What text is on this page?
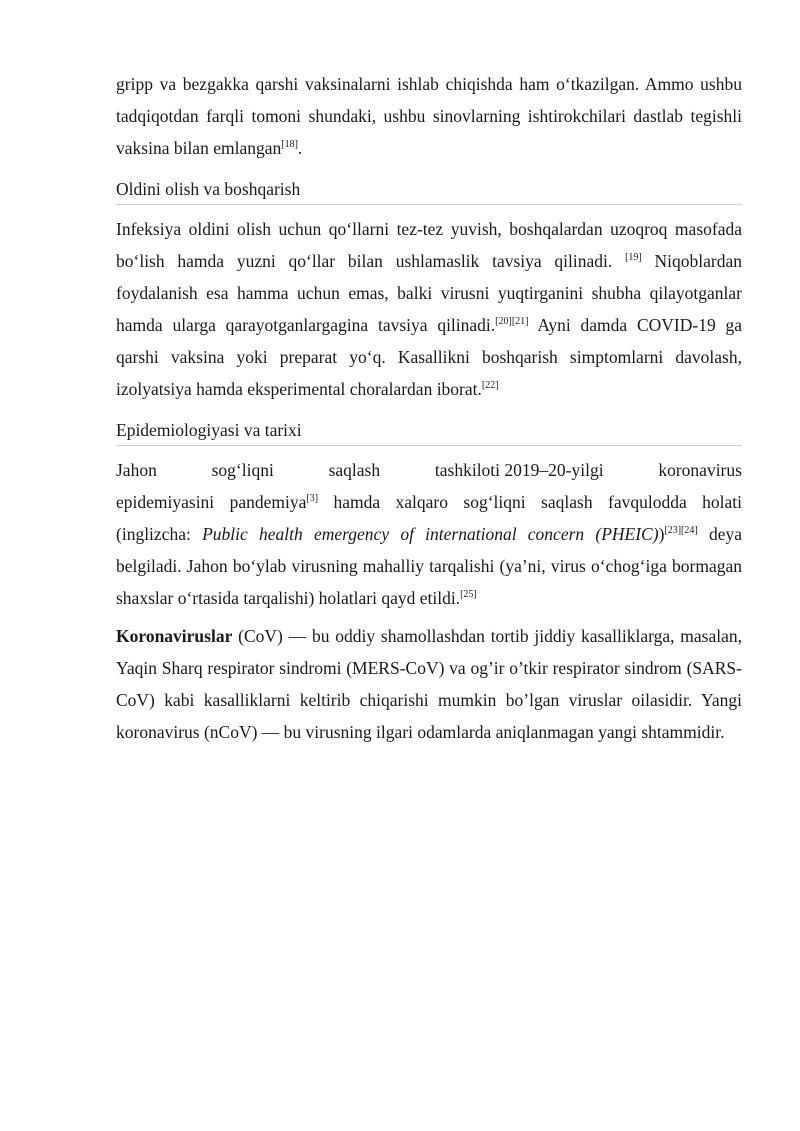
gripp va bezgakka qarshi vaksinalarni ishlab chiqishda ham o‘tkazilgan. Ammo ushbu tadqiqotdan farqli tomoni shundaki, ushbu sinovlarning ishtirokchilari dastlab tegishli vaksina bilan emlangan[18].

Oldini olish va boshqarish

Infeksiya oldini olish uchun qo‘llarni tez-tez yuvish, boshqalardan uzoqroq masofada bo‘lish hamda yuzni qo‘llar bilan ushlamaslik tavsiya qilinadi. [19] Niqoblardan foydalanish esa hamma uchun emas, balki virusni yuqtirganini shubha qilayotganlar hamda ularga qarayotganlargagina tavsiya qilinadi.[20][21] Ayni damda COVID-19 ga qarshi vaksina yoki preparat yo‘q. Kasallikni boshqarish simptomlarni davolash, izolyatsiya hamda eksperimental choralardan iborat.[22]

Epidemiologiyasi va tarixi
Jahon	sog‘liqni	saqlash	tashkiloti 2019–20-yilgi	koronavirus

epidemiyasini pandemiya[3] hamda xalqaro sog‘liqni saqlash favqulodda holati (inglizcha: Public health emergency of international concern (PHEIC))[23][24] deya belgiladi. Jahon bo‘ylab virusning mahalliy tarqalishi (ya’ni, virus o‘chog‘iga bormagan shaxslar o‘rtasida tarqalishi) holatlari qayd etildi.[25]

Koronaviruslar (CoV) — bu oddiy shamollashdan tortib jiddiy kasalliklarga, masalan, Yaqin Sharq respirator sindromi (MERS-CoV) va og’ir o’tkir respirator sindrom (SARS-CoV) kabi kasalliklarni keltirib chiqarishi mumkin bo’lgan viruslar oilasidir. Yangi koronavirus (nCoV) — bu virusning ilgari odamlarda aniqlanmagan yangi shtammidir.
